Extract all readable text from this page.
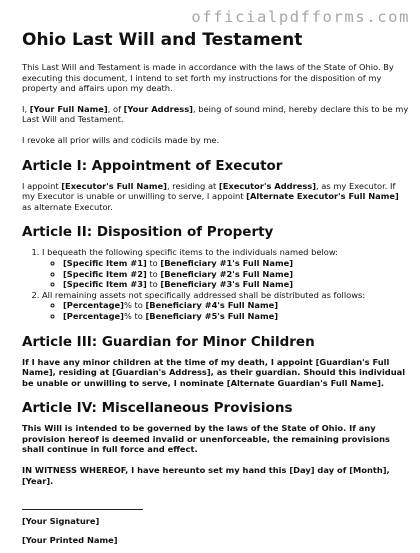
officialpdfforms.com
Ohio Last Will and Testament

This Last Will and Testament is made in accordance with the laws of the State of Ohio. By executing this document, I intend to set forth my instructions for the disposition of my property and affairs upon my death.

I, [Your Full Name], of [Your Address], being of sound mind, hereby declare this to be my Last Will and Testament.

I revoke all prior wills and codicils made by me.

Article I: Appointment of Executor

I appoint [Executor's Full Name], residing at [Executor's Address], as my Executor. If my Executor is unable or unwilling to serve, I appoint [Alternate Executor's Full Name] as alternate Executor.

Article II: Disposition of Property
1. I bequeath the following specific items to the individuals named below:
◦ [Specific Item #1] to [Beneficiary #1's Full Name]
◦ [Specific Item #2] to [Beneficiary #2's Full Name]
◦ [Specific Item #3] to [Beneficiary #3's Full Name]
2. All remaining assets not specifically addressed shall be distributed as follows:
◦ [Percentage]% to [Beneficiary #4's Full Name]
◦ [Percentage]% to [Beneficiary #5's Full Name]
Article III: Guardian for Minor Children

If I have any minor children at the time of my death, I appoint [Guardian's Full Name], residing at [Guardian's Address], as their guardian. Should this individual be unable or unwilling to serve, I nominate [Alternate Guardian's Full Name].

Article IV: Miscellaneous Provisions

This Will is intended to be governed by the laws of the State of Ohio. If any provision hereof is deemed invalid or unenforceable, the remaining provisions shall continue in full force and effect.

IN WITNESS WHEREOF, I have hereunto set my hand this [Day] day of [Month], [Year].

[Your Signature]

[Your Printed Name]
